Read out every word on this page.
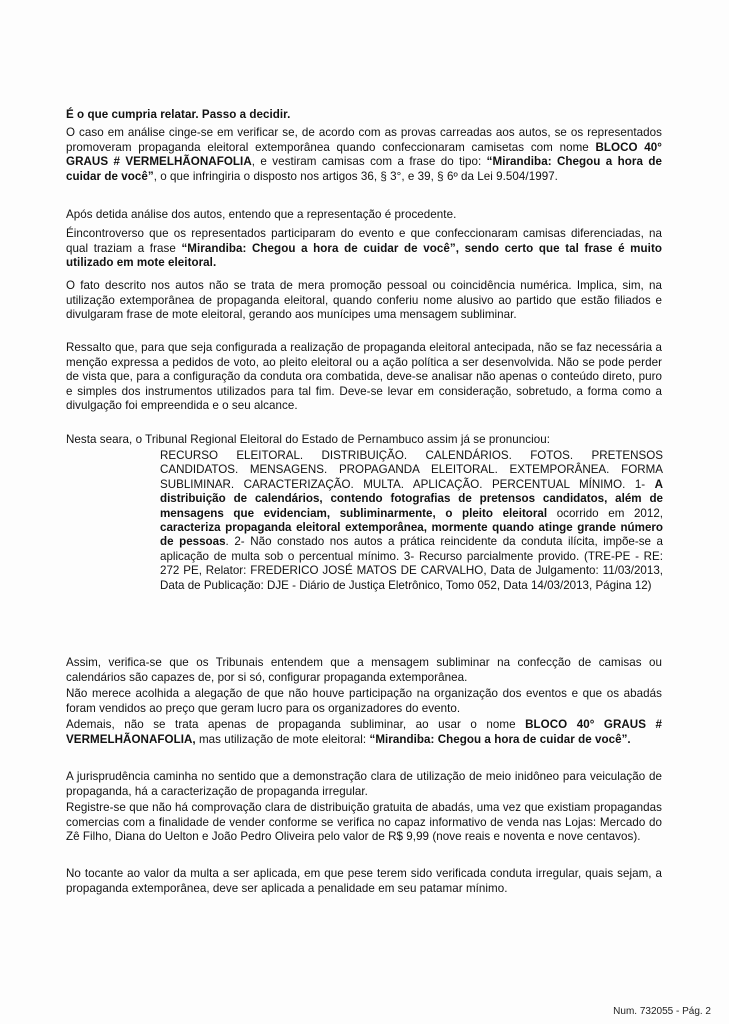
É o que cumpria relatar. Passo a decidir.

O caso em análise cinge-se em verificar se, de acordo com as provas carreadas aos autos, se os representados promoveram propaganda eleitoral extemporânea quando confeccionaram camisetas com nome BLOCO 40° GRAUS # VERMELHÃONAFOLIA, e vestiram camisas com a frase do tipo: “Mirandiba: Chegou a hora de cuidar de você”, o que infringiria o disposto nos artigos 36, § 3°, e 39, § 6º da Lei 9.504/1997.

Após detida análise dos autos, entendo que a representação é procedente.

Éincontroverso que os representados participaram do evento e que confeccionaram camisas diferenciadas, na qual traziam a frase “Mirandiba: Chegou a hora de cuidar de você”, sendo certo que tal frase é muito utilizado em mote eleitoral.

O fato descrito nos autos não se trata de mera promoção pessoal ou coincidência numérica. Implica, sim, na utilização extemporânea de propaganda eleitoral, quando conferiu nome alusivo ao partido que estão filiados e divulgaram frase de mote eleitoral, gerando aos munícipes uma mensagem subliminar.

Ressalto que, para que seja configurada a realização de propaganda eleitoral antecipada, não se faz necessária a menção expressa a pedidos de voto, ao pleito eleitoral ou a ação política a ser desenvolvida. Não se pode perder de vista que, para a configuração da conduta ora combatida, deve-se analisar não apenas o conteúdo direto, puro e simples dos instrumentos utilizados para tal fim. Deve-se levar em consideração, sobretudo, a forma como a divulgação foi empreendida e o seu alcance.

Nesta seara, o Tribunal Regional Eleitoral do Estado de Pernambuco assim já se pronunciou:

RECURSO ELEITORAL. DISTRIBUIÇÃO. CALENDÁRIOS. FOTOS. PRETENSOS CANDIDATOS. MENSAGENS. PROPAGANDA ELEITORAL. EXTEMPORÂNEA. FORMA SUBLIMINAR. CARACTERIZAÇÃO. MULTA. APLICAÇÃO. PERCENTUAL MÍNIMO. 1- A distribuição de calendários, contendo fotografias de pretensos candidatos, além de mensagens que evidenciam, subliminarmente, o pleito eleitoral ocorrido em 2012, caracteriza propaganda eleitoral extemporânea, mormente quando atinge grande número de pessoas. 2- Não constado nos autos a prática reincidente da conduta ilícita, impõe-se a aplicação de multa sob o percentual mínimo. 3- Recurso parcialmente provido. (TRE-PE - RE: 272 PE, Relator: FREDERICO JOSÉ MATOS DE CARVALHO, Data de Julgamento: 11/03/2013, Data de Publicação: DJE - Diário de Justiça Eletrônico, Tomo 052, Data 14/03/2013, Página 12)

Assim, verifica-se que os Tribunais entendem que a mensagem subliminar na confecção de camisas ou calendários são capazes de, por si só, configurar propaganda extemporânea.

Não merece acolhida a alegação de que não houve participação na organização dos eventos e que os abadás foram vendidos ao preço que geram lucro para os organizadores do evento.

Ademais, não se trata apenas de propaganda subliminar, ao usar o nome BLOCO 40° GRAUS # VERMELHÃONAFOLIA, mas utilização de mote eleitoral: “Mirandiba: Chegou a hora de cuidar de você”.

A jurisprudência caminha no sentido que a demonstração clara de utilização de meio inidôneo para veiculação de propaganda, há a caracterização de propaganda irregular.

Registre-se que não há comprovação clara de distribuição gratuita de abadás, uma vez que existiam propagandas comercias com a finalidade de vender conforme se verifica no capaz informativo de venda nas Lojas: Mercado do Zê Filho, Diana do Uelton e João Pedro Oliveira pelo valor de R$ 9,99 (nove reais e noventa e nove centavos).

No tocante ao valor da multa a ser aplicada, em que pese terem sido verificada conduta irregular, quais sejam, a propaganda extemporânea, deve ser aplicada a penalidade em seu patamar mínimo.

Num. 732055 - Pág. 2
